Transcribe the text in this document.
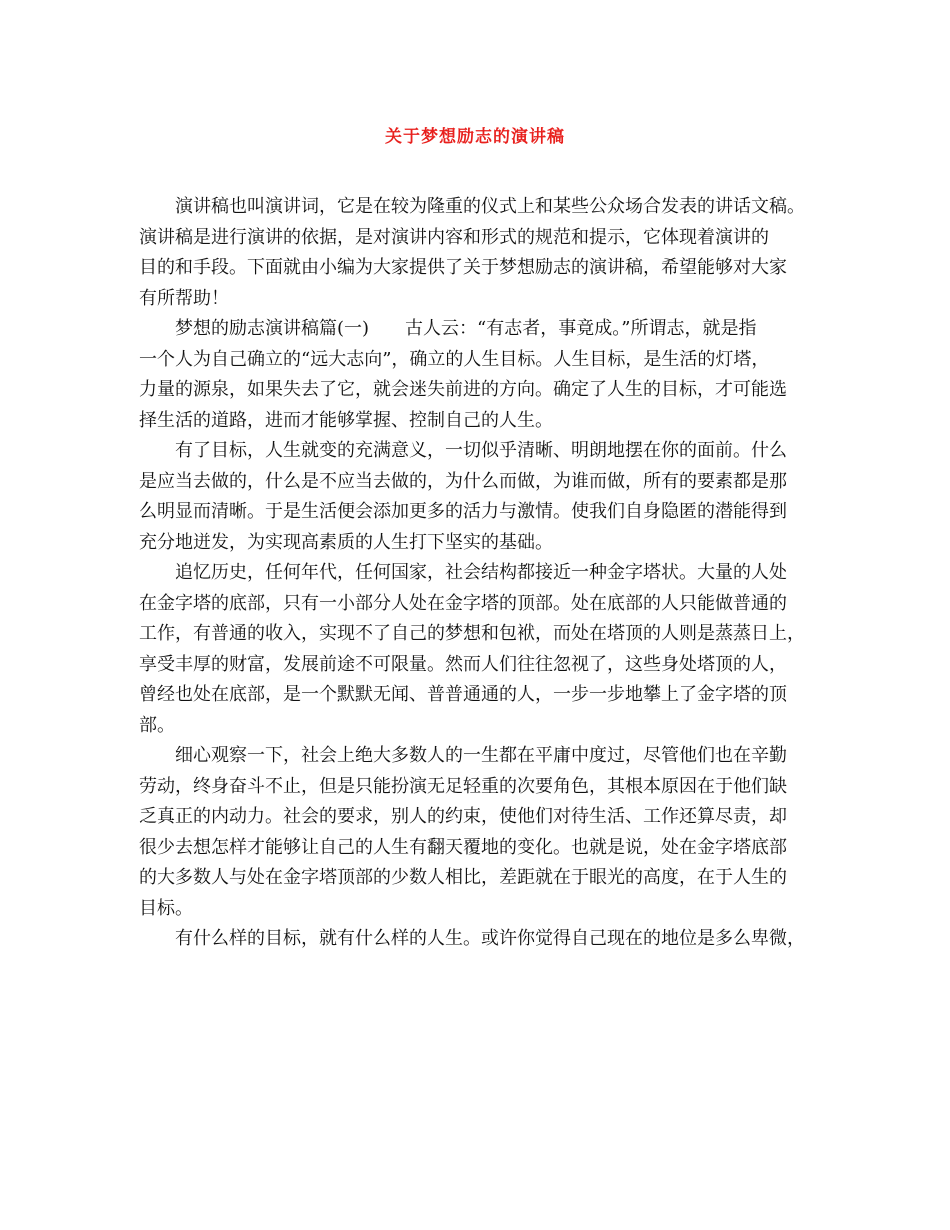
关于梦想励志的演讲稿

演讲稿也叫演讲词，它是在较为隆重的仪式上和某些公众场合发表的讲话文稿。
演讲稿是进行演讲的依据，是对演讲内容和形式的规范和提示，它体现着演讲的
目的和手段。下面就由小编为大家提供了关于梦想励志的演讲稿，希望能够对大家
有所帮助！

梦想的励志演讲稿篇(一)　　古人云：“有志者，事竟成。”所谓志，就是指
一个人为自己确立的“远大志向”，确立的人生目标。人生目标，是生活的灯塔，
力量的源泉，如果失去了它，就会迷失前进的方向。确定了人生的目标，才可能选
择生活的道路，进而才能够掌握、控制自己的人生。

有了目标，人生就变的充满意义，一切似乎清晰、明朗地摆在你的面前。什么
是应当去做的，什么是不应当去做的，为什么而做，为谁而做，所有的要素都是那
么明显而清晰。于是生活便会添加更多的活力与激情。使我们自身隐匿的潜能得到
充分地迸发，为实现高素质的人生打下坚实的基础。

追忆历史，任何年代，任何国家，社会结构都接近一种金字塔状。大量的人处
在金字塔的底部，只有一小部分人处在金字塔的顶部。处在底部的人只能做普通的
工作，有普通的收入，实现不了自己的梦想和包袱，而处在塔顶的人则是蒸蒸日上，
享受丰厚的财富，发展前途不可限量。然而人们往往忽视了，这些身处塔顶的人，
曾经也处在底部，是一个默默无闻、普普通通的人，一步一步地攀上了金字塔的顶
部。

细心观察一下，社会上绝大多数人的一生都在平庸中度过，尽管他们也在辛勤
劳动，终身奋斗不止，但是只能扮演无足轻重的次要角色，其根本原因在于他们缺
乏真正的内动力。社会的要求，别人的约束，使他们对待生活、工作还算尽责，却
很少去想怎样才能够让自己的人生有翻天覆地的变化。也就是说，处在金字塔底部
的大多数人与处在金字塔顶部的少数人相比，差距就在于眼光的高度，在于人生的
目标。

有什么样的目标，就有什么样的人生。或许你觉得自己现在的地位是多么卑微，
